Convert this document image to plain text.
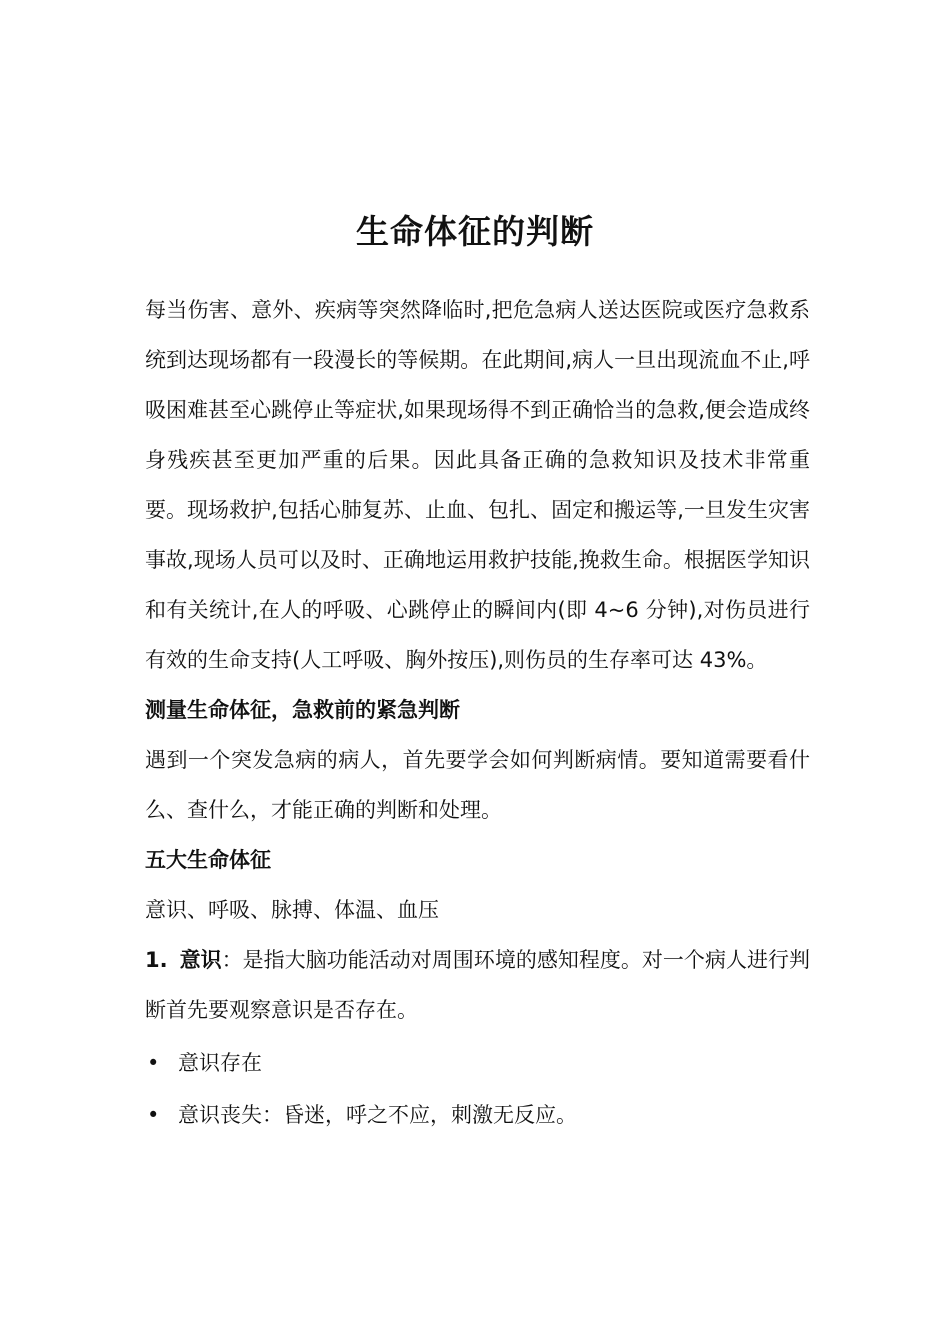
生命体征的判断

每当伤害、意外、疾病等突然降临时,把危急病人送达医院或医疗急救系统到达现场都有一段漫长的等候期。在此期间,病人一旦出现流血不止,呼吸困难甚至心跳停止等症状,如果现场得不到正确恰当的急救,便会造成终身残疾甚至更加严重的后果。因此具备正确的急救知识及技术非常重要。现场救护,包括心肺复苏、止血、包扎、固定和搬运等,一旦发生灾害事故,现场人员可以及时、正确地运用救护技能,挽救生命。根据医学知识和有关统计,在人的呼吸、心跳停止的瞬间内(即 4~6 分钟),对伤员进行有效的生命支持(人工呼吸、胸外按压),则伤员的生存率可达 43%。

测量生命体征，急救前的紧急判断

遇到一个突发急病的病人，首先要学会如何判断病情。要知道需要看什么、查什么，才能正确的判断和处理。

五大生命体征

意识、呼吸、脉搏、体温、血压

1. 意识：是指大脑功能活动对周围环境的感知程度。对一个病人进行判断首先要观察意识是否存在。

• 意识存在
• 意识丧失：昏迷，呼之不应，刺激无反应。
